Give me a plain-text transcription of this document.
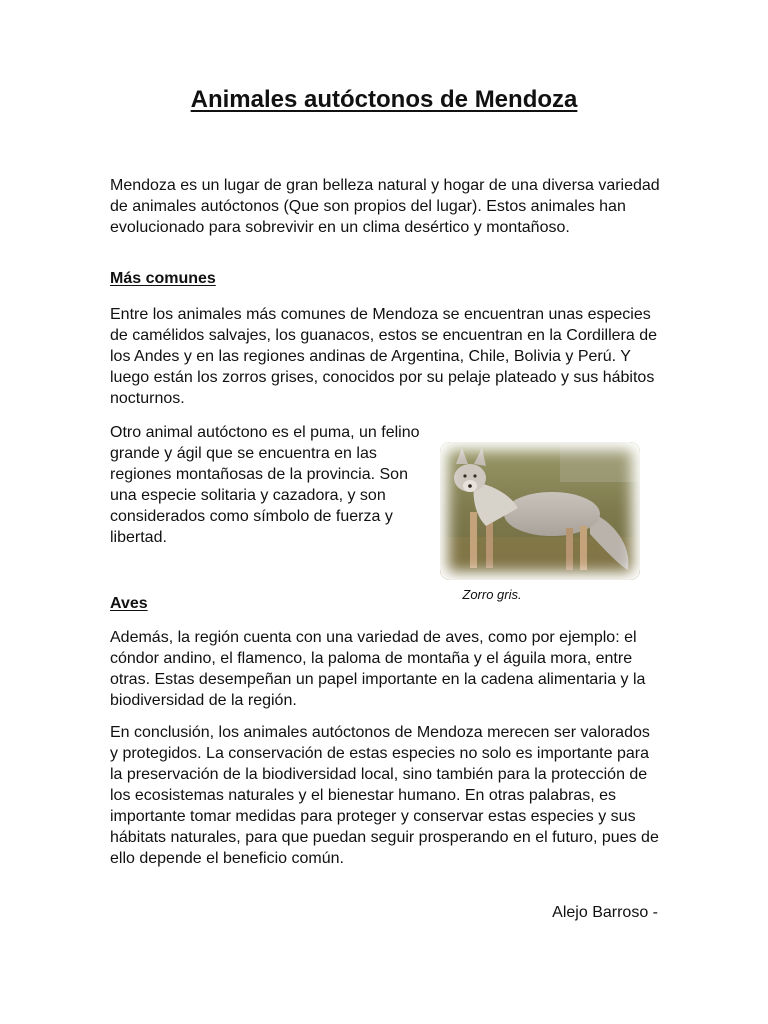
Animales autóctonos de Mendoza

Mendoza es un lugar de gran belleza natural y hogar de una diversa variedad de animales autóctonos (Que son propios del lugar). Estos animales han evolucionado para sobrevivir en un clima desértico y montañoso.

Más comunes

Entre los animales más comunes de Mendoza se encuentran unas especies de camélidos salvajes, los guanacos, estos se encuentran en la Cordillera de los Andes y en las regiones andinas de Argentina, Chile, Bolivia y Perú. Y luego están los zorros grises, conocidos por su pelaje plateado y sus hábitos nocturnos.

Otro animal autóctono es el puma, un felino grande y ágil que se encuentra en las regiones montañosas de la provincia. Son una especie solitaria y cazadora, y son considerados como símbolo de fuerza y libertad.

Zorro gris.

Aves

Además, la región cuenta con una variedad de aves, como por ejemplo: el cóndor andino, el flamenco, la paloma de montaña y el águila mora, entre otras. Estas desempeñan un papel importante en la cadena alimentaria y la biodiversidad de la región.

En conclusión, los animales autóctonos de Mendoza merecen ser valorados y protegidos. La conservación de estas especies no solo es importante para la preservación de la biodiversidad local, sino también para la protección de los ecosistemas naturales y el bienestar humano. En otras palabras, es importante tomar medidas para proteger y conservar estas especies y sus hábitats naturales, para que puedan seguir prosperando en el futuro, pues de ello depende el beneficio común.

Alejo Barroso -
